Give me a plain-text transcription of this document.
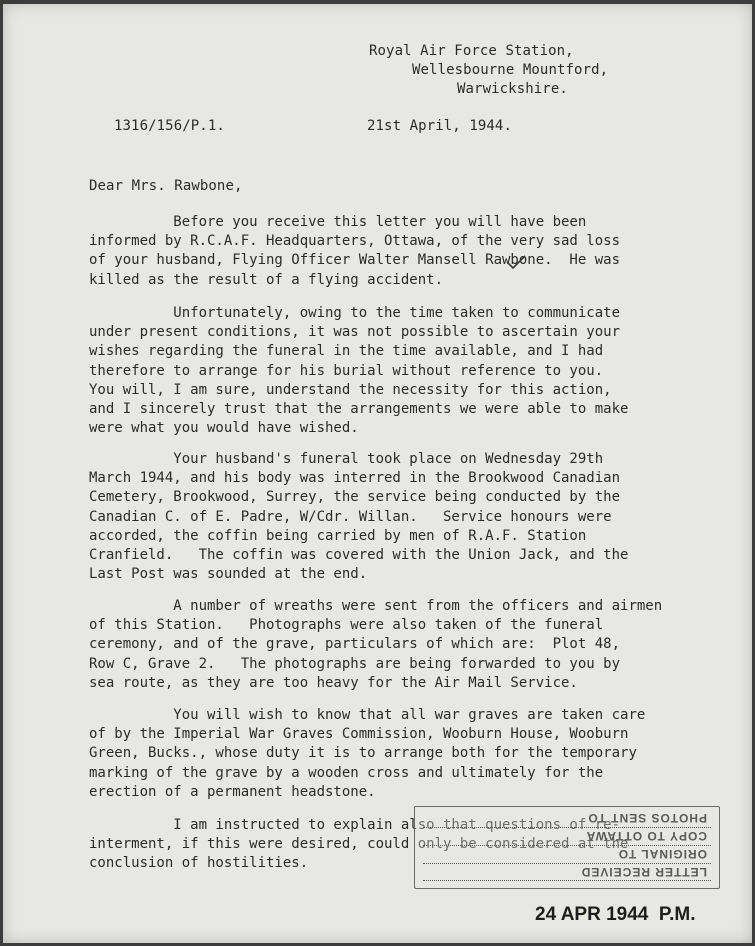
Royal Air Force Station,
Wellesbourne Mountford,
Warwickshire.
1316/156/P.1.	21st April, 1944.
Dear Mrs. Rawbone,
Before you receive this letter you will have been
informed by R.C.A.F. Headquarters, Ottawa, of the very sad loss
of your husband, Flying Officer Walter Mansell Rawbone.  He was
killed as the result of a flying accident.
Unfortunately, owing to the time taken to communicate
under present conditions, it was not possible to ascertain your
wishes regarding the funeral in the time available, and I had
therefore to arrange for his burial without reference to you.
You will, I am sure, understand the necessity for this action,
and I sincerely trust that the arrangements we were able to make
were what you would have wished.
Your husband's funeral took place on Wednesday 29th
March 1944, and his body was interred in the Brookwood Canadian
Cemetery, Brookwood, Surrey, the service being conducted by the
Canadian C. of E. Padre, W/Cdr. Willan.   Service honours were
accorded, the coffin being carried by men of R.A.F. Station
Cranfield.   The coffin was covered with the Union Jack, and the
Last Post was sounded at the end.
A number of wreaths were sent from the officers and airmen
of this Station.   Photographs were also taken of the funeral
ceremony, and of the grave, particulars of which are:  Plot 48,
Row C, Grave 2.   The photographs are being forwarded to you by
sea route, as they are too heavy for the Air Mail Service.
You will wish to know that all war graves are taken care
of by the Imperial War Graves Commission, Wooburn House, Wooburn
Green, Bucks., whose duty it is to arrange both for the temporary
marking of the grave by a wooden cross and ultimately for the
erection of a permanent headstone.
I am instructed to explain also that questions of re-
interment, if this were desired, could only be considered at the
conclusion of hostilities.
PHOTOS SENT TO
COPY TO OTTAWA
ORIGINAL TO
LETTER RECEIVED
24 APR 1944  P.M.
